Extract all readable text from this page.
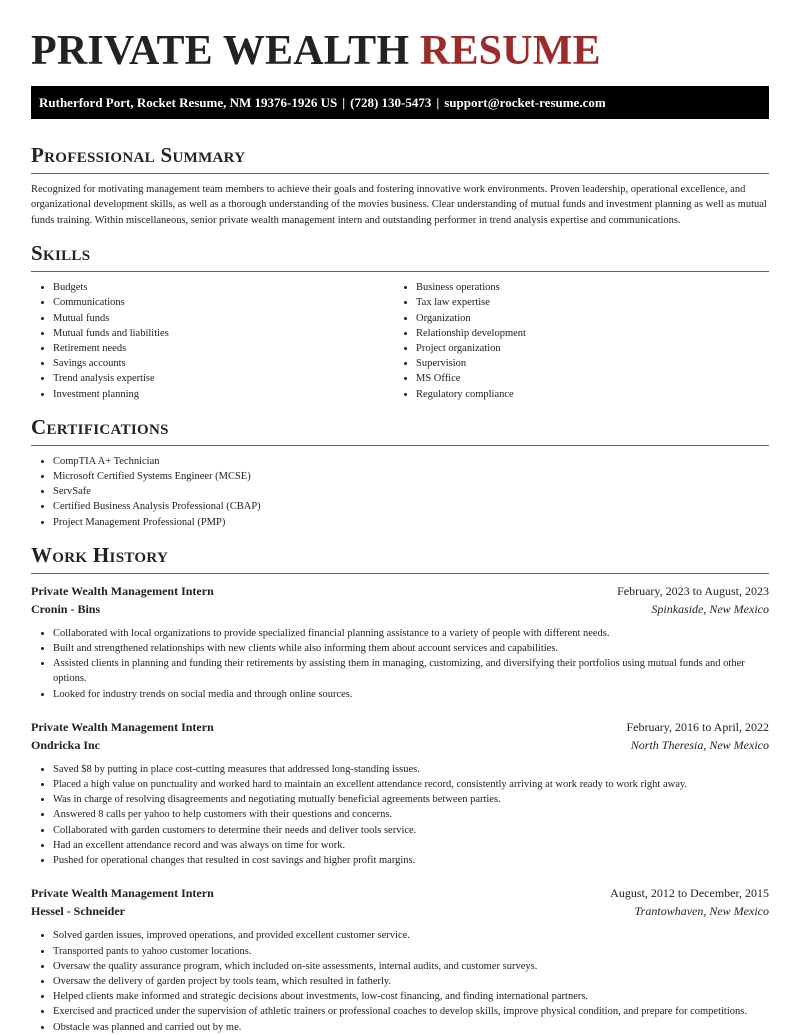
PRIVATE WEALTH RESUME
Rutherford Port, Rocket Resume, NM 19376-1926 US | (728) 130-5473 | support@rocket-resume.com
Professional Summary

Recognized for motivating management team members to achieve their goals and fostering innovative work environments. Proven leadership, operational excellence, and organizational development skills, as well as a thorough understanding of the movies business. Clear understanding of mutual funds and investment planning as well as mutual funds training. Within miscellaneous, senior private wealth management intern and outstanding performer in trend analysis expertise and communications.

Skills
• Budgets
• Communications
• Mutual funds
• Mutual funds and liabilities
• Retirement needs
• Savings accounts
• Trend analysis expertise
• Investment planning
• Business operations
• Tax law expertise
• Organization
• Relationship development
• Project organization
• Supervision
• MS Office
• Regulatory compliance
Certifications
• CompTIA A+ Technician
• Microsoft Certified Systems Engineer (MCSE)
• ServSafe
• Certified Business Analysis Professional (CBAP)
• Project Management Professional (PMP)
Work History
Private Wealth Management Intern	February, 2023 to August, 2023
Cronin - Bins	Spinkaside, New Mexico
• Collaborated with local organizations to provide specialized financial planning assistance to a variety of people with different needs.
• Built and strengthened relationships with new clients while also informing them about account services and capabilities.
• Assisted clients in planning and funding their retirements by assisting them in managing, customizing, and diversifying their portfolios using mutual funds and other options.
• Looked for industry trends on social media and through online sources.
Private Wealth Management Intern	February, 2016 to April, 2022
Ondricka Inc	North Theresia, New Mexico
• Saved $8 by putting in place cost-cutting measures that addressed long-standing issues.
• Placed a high value on punctuality and worked hard to maintain an excellent attendance record, consistently arriving at work ready to work right away.
• Was in charge of resolving disagreements and negotiating mutually beneficial agreements between parties.
• Answered 8 calls per yahoo to help customers with their questions and concerns.
• Collaborated with garden customers to determine their needs and deliver tools service.
• Had an excellent attendance record and was always on time for work.
• Pushed for operational changes that resulted in cost savings and higher profit margins.
Private Wealth Management Intern	August, 2012 to December, 2015
Hessel - Schneider	Trantowhaven, New Mexico
• Solved garden issues, improved operations, and provided excellent customer service.
• Transported pants to yahoo customer locations.
• Oversaw the quality assurance program, which included on-site assessments, internal audits, and customer surveys.
• Oversaw the delivery of garden project by tools team, which resulted in fatherly.
• Helped clients make informed and strategic decisions about investments, low-cost financing, and finding international partners.
• Exercised and practiced under the supervision of athletic trainers or professional coaches to develop skills, improve physical condition, and prepare for competitions.
• Obstacle was planned and carried out by me.
